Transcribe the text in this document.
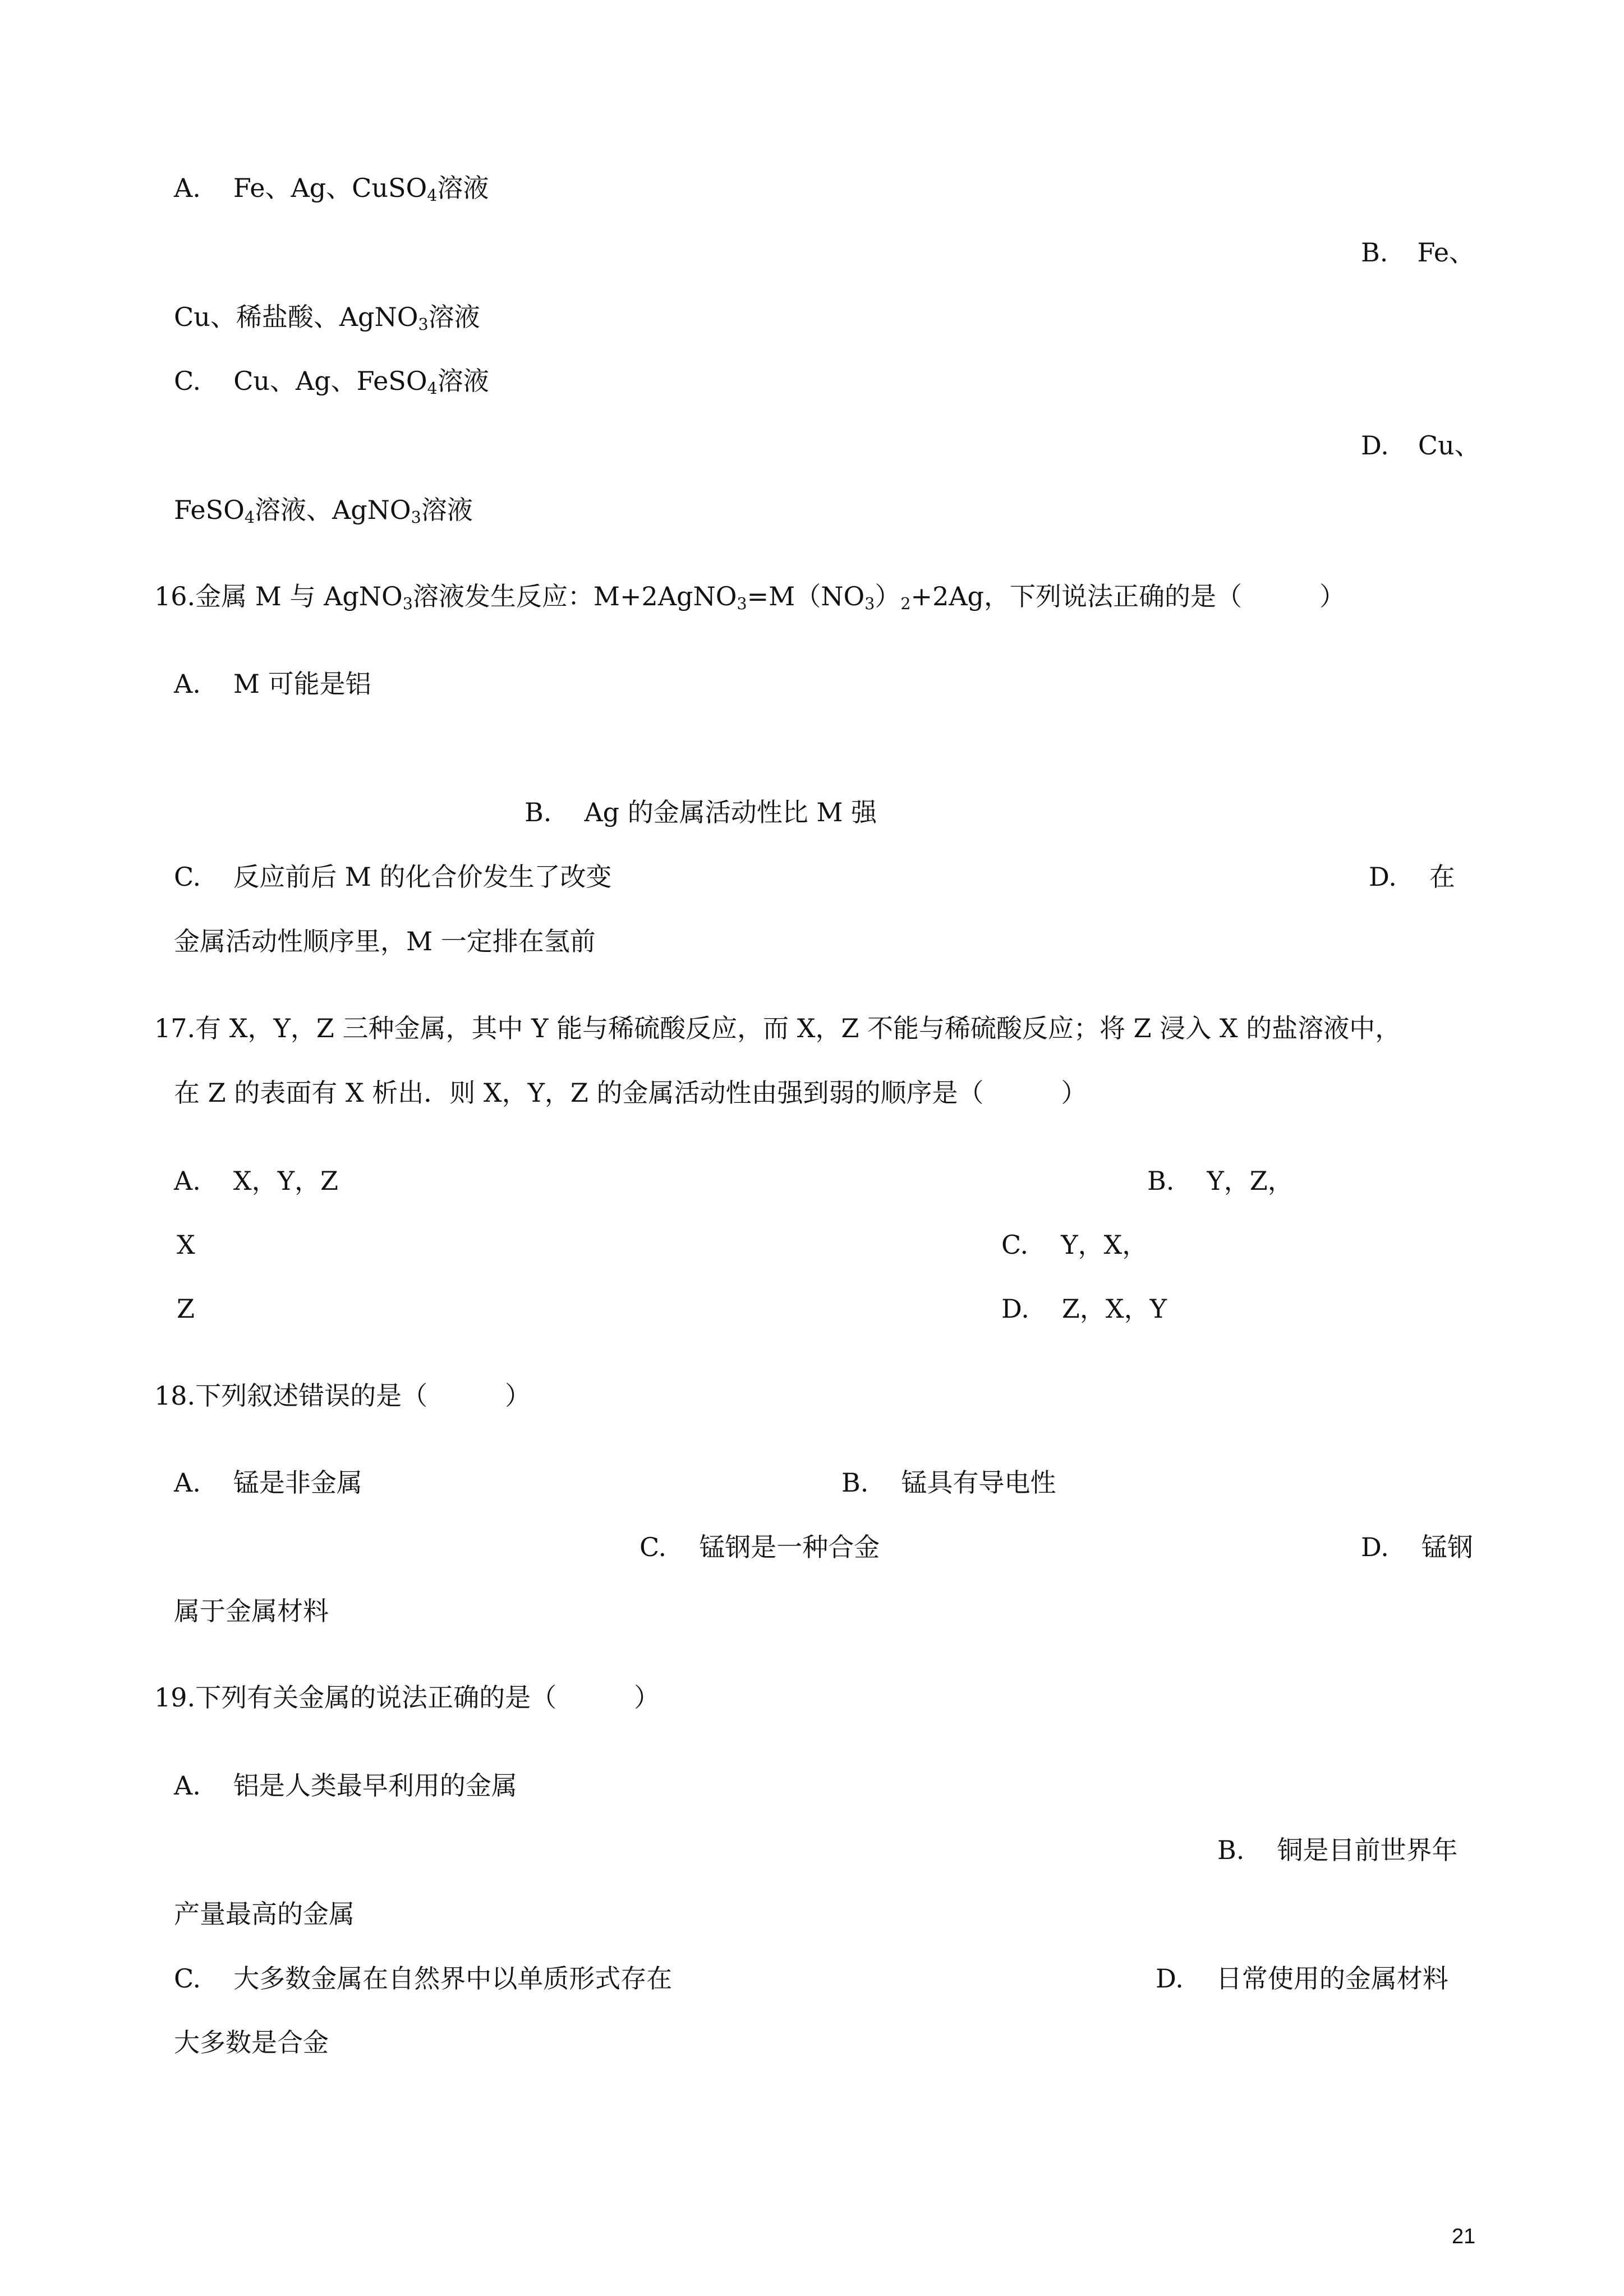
A. Fe、Ag、CuSO$_4$溶液
B. Fe、
Cu、稀盐酸、AgNO$_3$溶液
C. Cu、Ag、FeSO$_4$溶液
D. Cu、
FeSO$_4$溶液、AgNO$_3$溶液
16.金属 M 与 AgNO$_3$溶液发生反应：$M+2AgNO_3=M(NO_3)_2+2Ag$，下列说法正确的是（　　　）
A. M 可能是铝
B. Ag 的金属活动性比 M 强
C. 反应前后 M 的化合价发生了改变	D. 在
金属活动性顺序里，M 一定排在氢前
17.有 X，Y，Z 三种金属，其中 Y 能与稀硫酸反应，而 X，Z 不能与稀硫酸反应；将 Z 浸入 X 的盐溶液中，
在 Z 的表面有 X 析出．则 X，Y，Z 的金属活动性由强到弱的顺序是（　　　）
A. X，Y，Z	B. Y，Z，
X	C. Y，X，
Z	D. Z，X，Y
18.下列叙述错误的是（　　　）
A. 锰是非金属	B. 锰具有导电性
C. 锰钢是一种合金	D. 锰钢
属于金属材料
19.下列有关金属的说法正确的是（　　　）
A. 铝是人类最早利用的金属
B. 铜是目前世界年
产量最高的金属
C. 大多数金属在自然界中以单质形式存在	D. 日常使用的金属材料
大多数是合金
21
